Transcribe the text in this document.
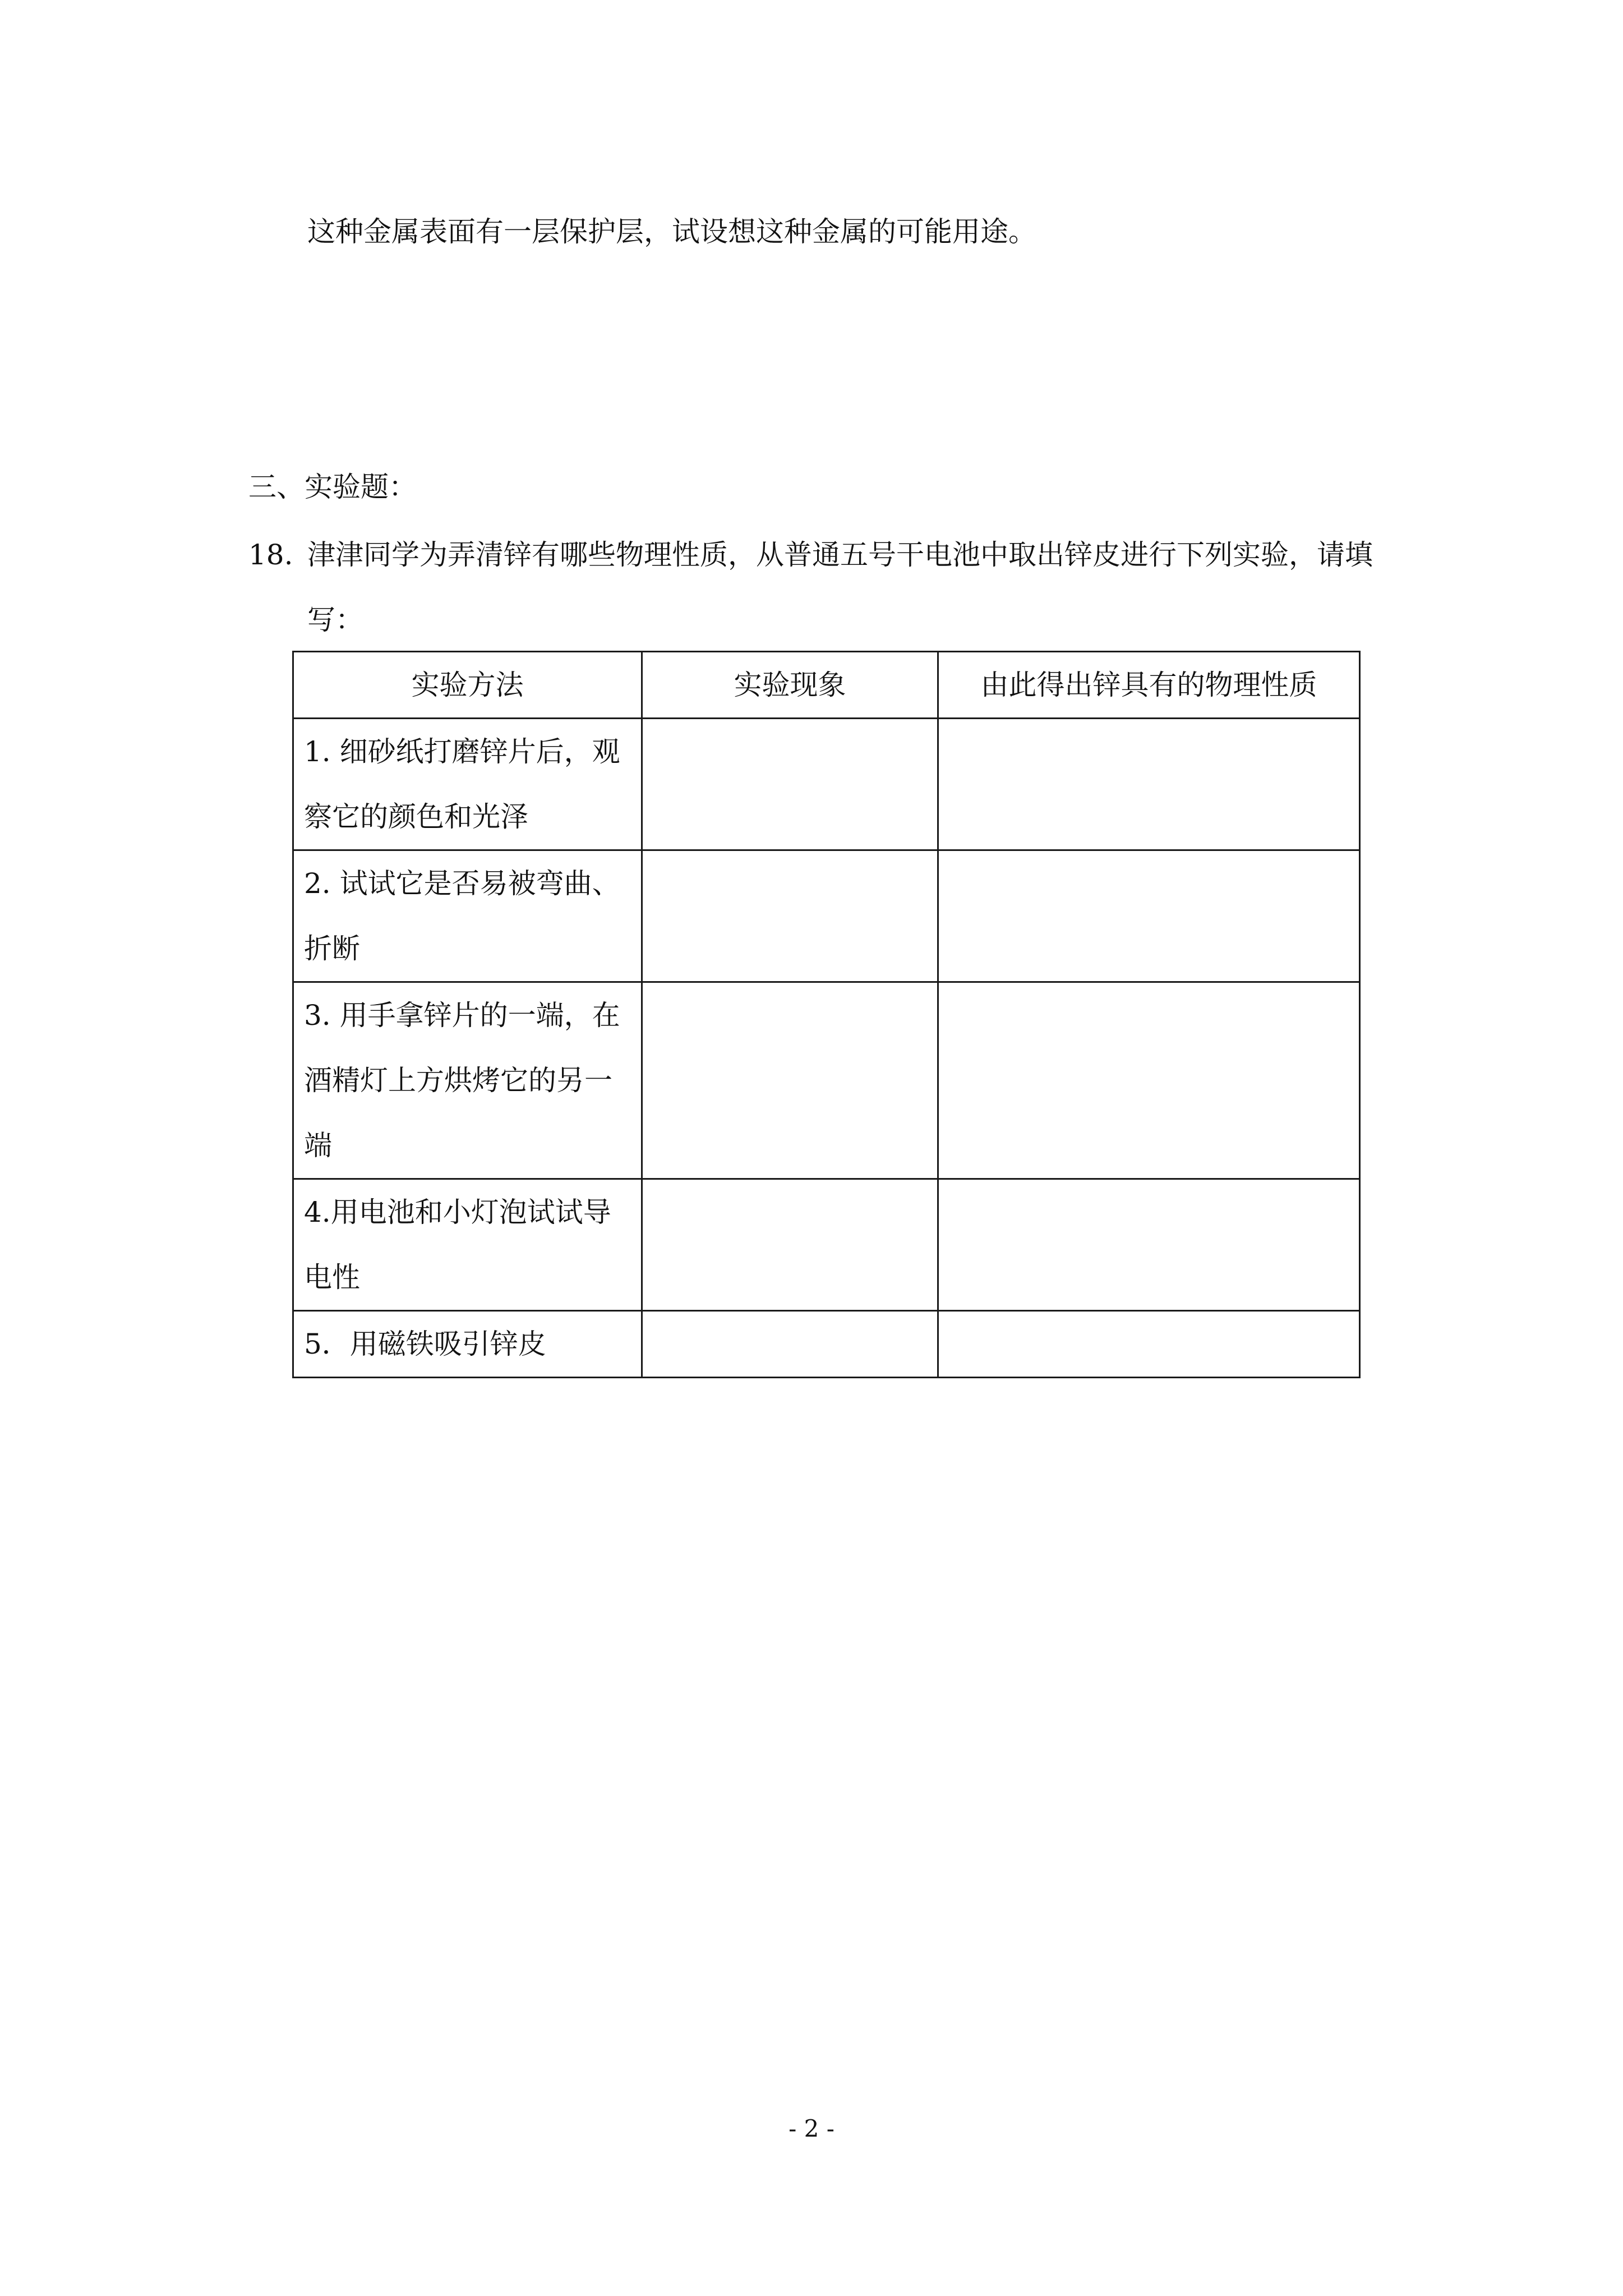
这种金属表面有一层保护层，试设想这种金属的可能用途。
三、实验题：
18. 津津同学为弄清锌有哪些物理性质，从普通五号干电池中取出锌皮进行下列实验，请填
写：
实验方法	实验现象	由此得出锌具有的物理性质
1. 细砂纸打磨锌片后，观察它的颜色和光泽		
2. 试试它是否易被弯曲、折断		
3. 用手拿锌片的一端，在酒精灯上方烘烤它的另一端		
4.用电池和小灯泡试试导电性		
5．用磁铁吸引锌皮		
- 2 -
